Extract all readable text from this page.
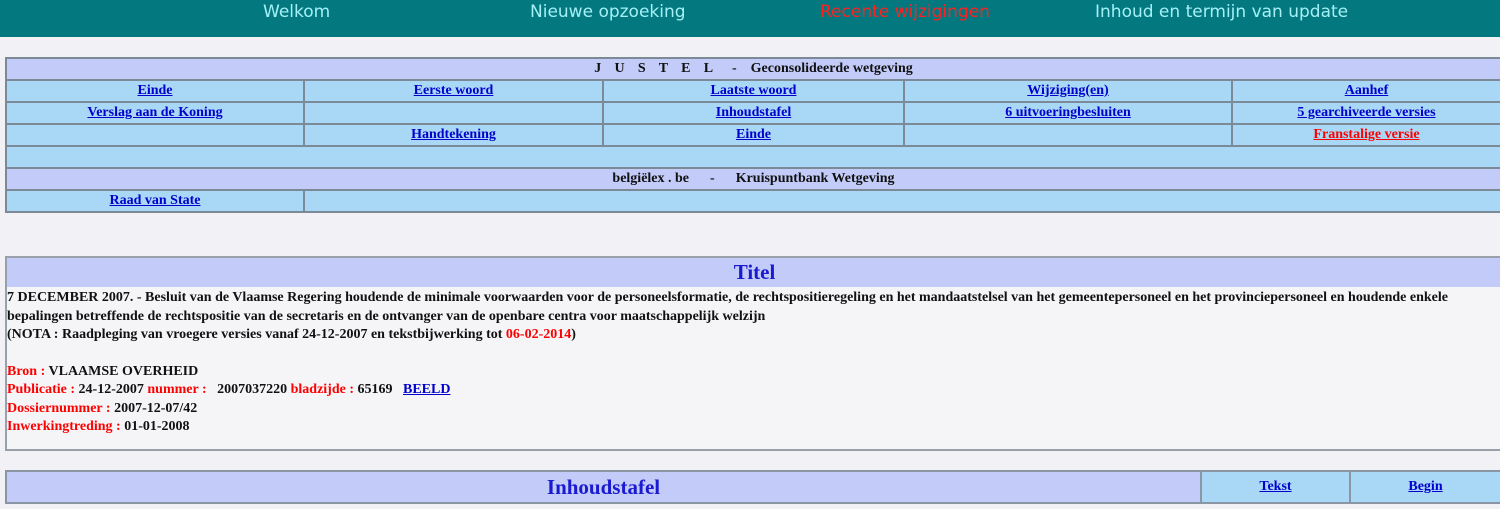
Welkom	Nieuwe opzoeking	Recente wijzigingen	Inhoud en termijn van update
J U S T E L - Geconsolideerde wetgeving				
Einde	Eerste woord	Laatste woord	Wijziging(en)	Aanhef
Verslag aan de Koning		Inhoudstafel	6 uitvoeringbesluiten	5 gearchiveerde versies
	Handtekening	Einde		Franstalige versie

belgiëlex . be - Kruispuntbank Wetgeving				
Raad van State				
Titel
7 DECEMBER 2007. - Besluit van de Vlaamse Regering houdende de minimale voorwaarden voor de personeelsformatie, de rechtspositieregeling en het mandaatstelsel van het gemeentepersoneel en het provinciepersoneel en houdende enkele bepalingen betreffende de rechtspositie van de secretaris en de ontvanger van de openbare centra voor maatschappelijk welzijn
(NOTA : Raadpleging van vroegere versies vanaf 24-12-2007 en tekstbijwerking tot 06-02-2014)
Bron : VLAAMSE OVERHEID
Publicatie : 24-12-2007 nummer : 2007037220 bladzijde : 65169 BEELD
Dossiernummer : 2007-12-07/42
Inwerkingtreding : 01-01-2008
Inhoudstafel	Tekst	Begin
